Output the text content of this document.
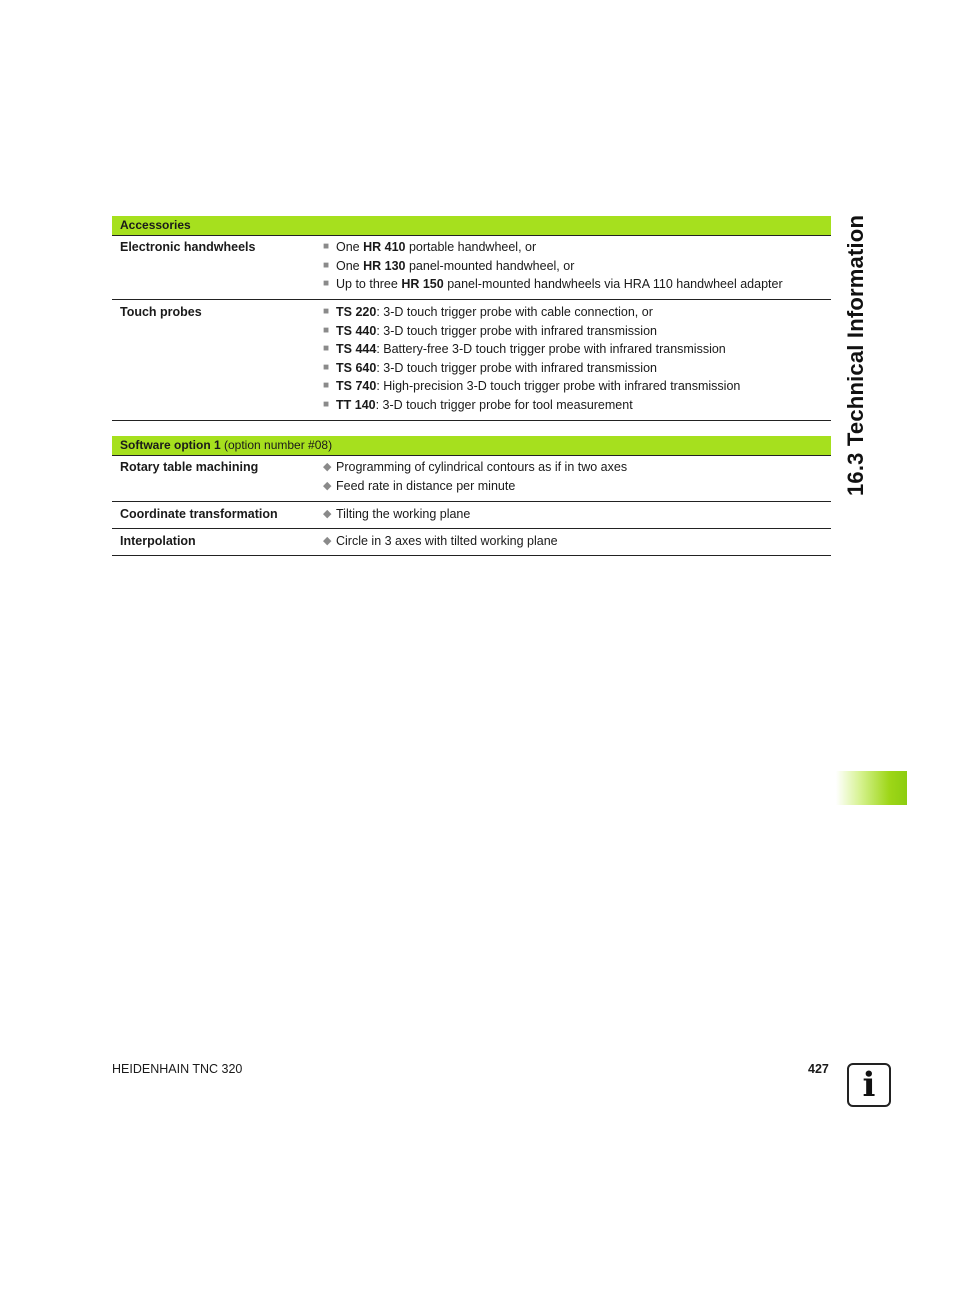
Accessories
Electronic handwheels	■ One HR 410 portable handwheel, or
■ One HR 130 panel-mounted handwheel, or
■ Up to three HR 150 panel-mounted handwheels via HRA 110 handwheel adapter
Touch probes	■ TS 220: 3-D touch trigger probe with cable connection, or
■ TS 440: 3-D touch trigger probe with infrared transmission
■ TS 444: Battery-free 3-D touch trigger probe with infrared transmission
■ TS 640: 3-D touch trigger probe with infrared transmission
■ TS 740: High-precision 3-D touch trigger probe with infrared transmission
■ TT 140: 3-D touch trigger probe for tool measurement
Software option 1 (option number #08)
Rotary table machining	◆ Programming of cylindrical contours as if in two axes
◆ Feed rate in distance per minute
Coordinate transformation	◆ Tilting the working plane
Interpolation	◆ Circle in 3 axes with tilted working plane
16.3 Technical Information
HEIDENHAIN TNC 320	427 i
